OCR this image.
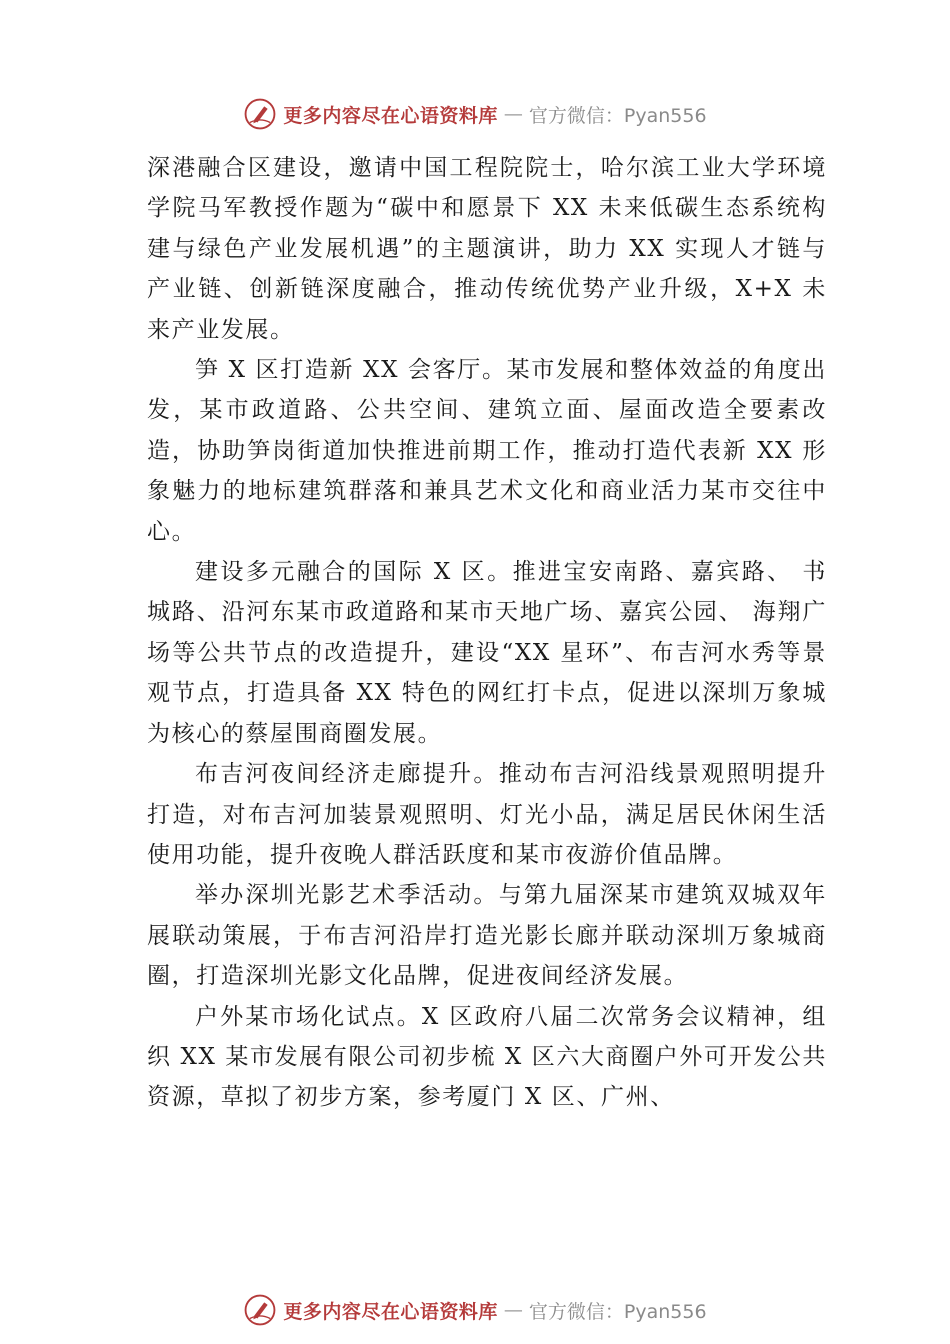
更多内容尽在心语资料库 — 官方微信：Pyan556

深港融合区建设，邀请中国工程院院士，哈尔滨工业大学环境学院马军教授作题为“碳中和愿景下 XX 未来低碳生态系统构建与绿色产业发展机遇”的主题演讲，助力 XX 实现人才链与产业链、创新链深度融合，推动传统优势产业升级，X+X 未来产业发展。

笋 X 区打造新 XX 会客厅。某市发展和整体效益的角度出发，某市政道路、公共空间、建筑立面、屋面改造全要素改造，协助笋岗街道加快推进前期工作，推动打造代表新 XX 形象魅力的地标建筑群落和兼具艺术文化和商业活力某市交往中心。

建设多元融合的国际 X 区。推进宝安南路、嘉宾路、 书城路、沿河东某市政道路和某市天地广场、嘉宾公园、 海翔广场等公共节点的改造提升，建设“XX 星环”、布吉河水秀等景观节点，打造具备 XX 特色的网红打卡点，促进以深圳万象城为核心的蔡屋围商圈发展。

布吉河夜间经济走廊提升。推动布吉河沿线景观照明提升打造，对布吉河加装景观照明、灯光小品，满足居民休闲生活使用功能，提升夜晚人群活跃度和某市夜游价值品牌。

举办深圳光影艺术季活动。与第九届深某市建筑双城双年展联动策展，于布吉河沿岸打造光影长廊并联动深圳万象城商圈，打造深圳光影文化品牌，促进夜间经济发展。

户外某市场化试点。X 区政府八届二次常务会议精神，组织 XX 某市发展有限公司初步梳 X 区六大商圈户外可开发公共资源，草拟了初步方案，参考厦门 X 区、广州、

更多内容尽在心语资料库 — 官方微信：Pyan556
